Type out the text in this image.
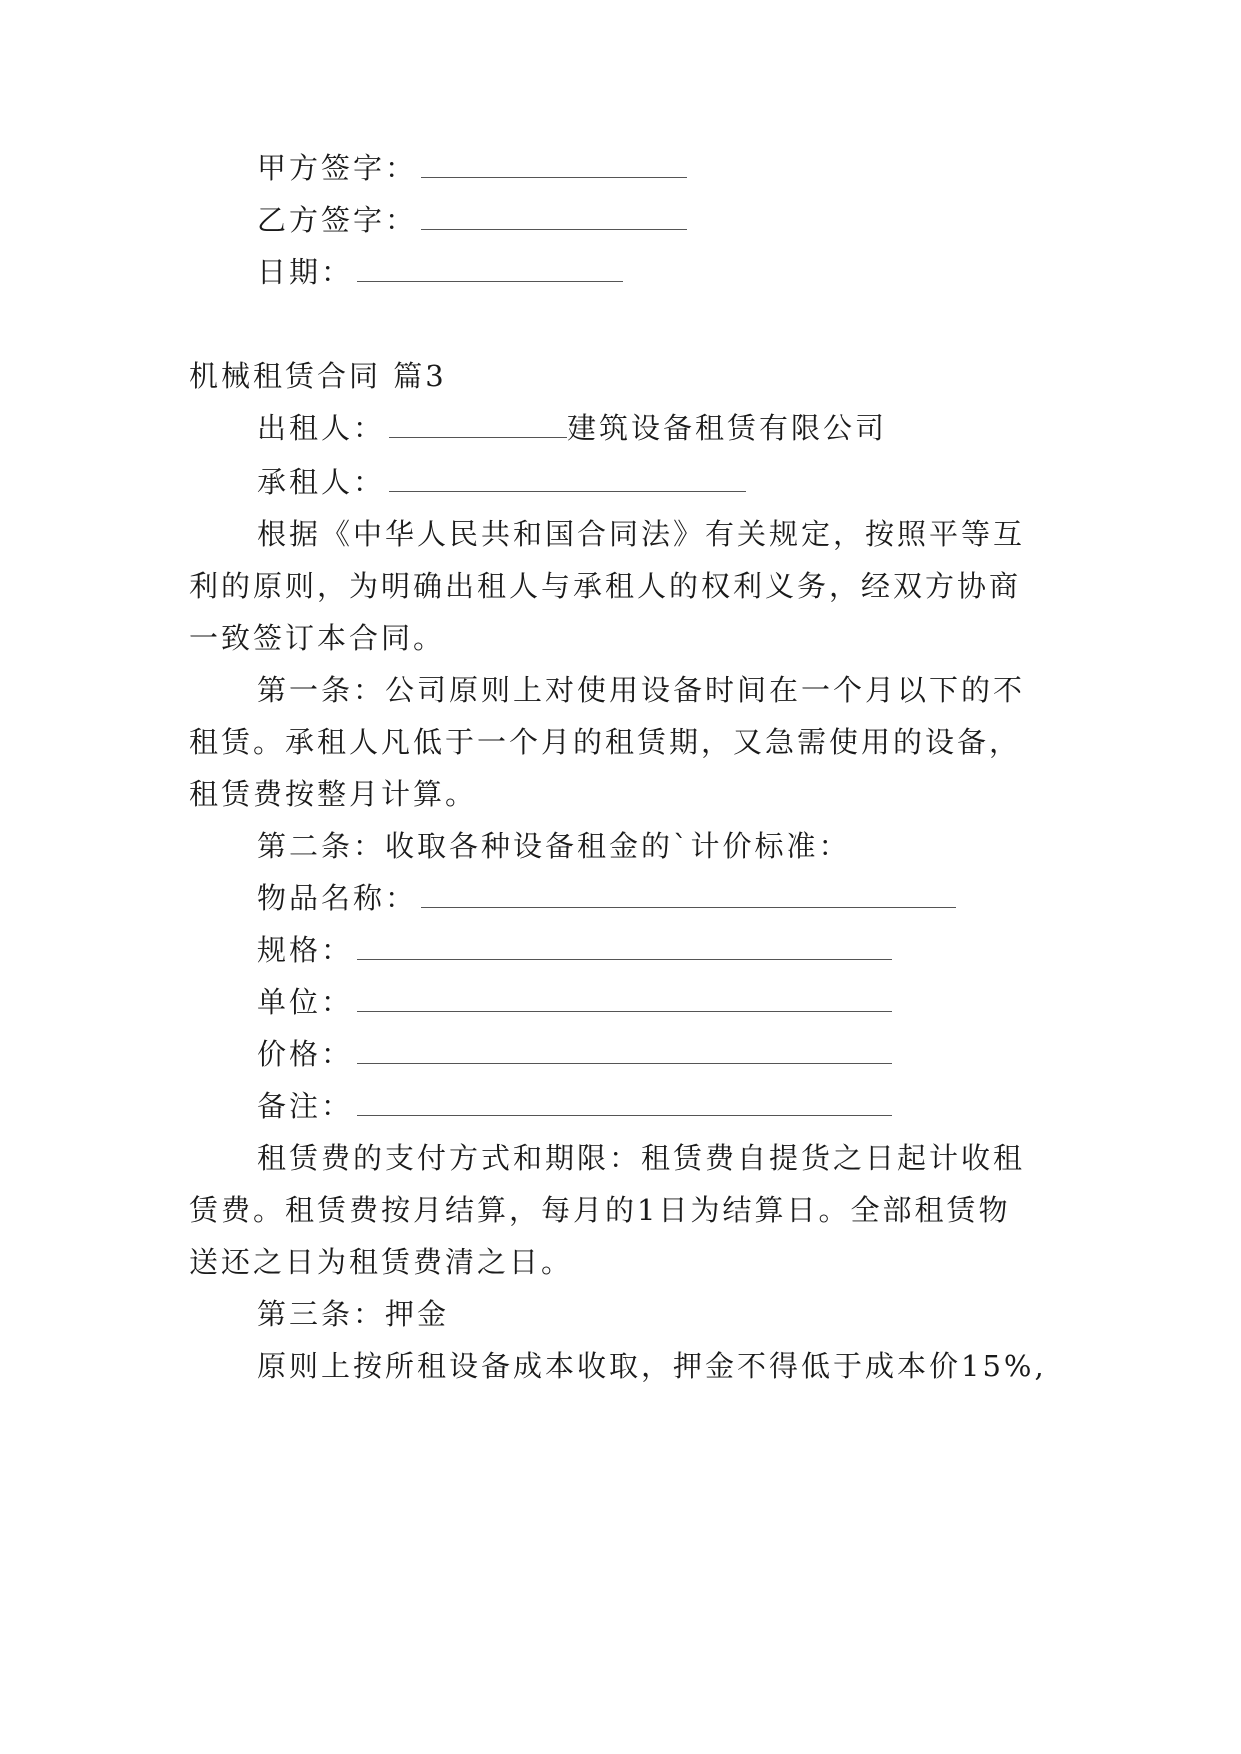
甲方签字：
乙方签字：
日期：
机械租赁合同 篇3
出租人：	建筑设备租赁有限公司
承租人：
根据《中华人民共和国合同法》有关规定，按照平等互
利的原则，为明确出租人与承租人的权利义务，经双方协商
一致签订本合同。
第一条：公司原则上对使用设备时间在一个月以下的不
租赁。承租人凡低于一个月的租赁期，又急需使用的设备，
租赁费按整月计算。
第二条：收取各种设备租金的`计价标准：
物品名称：
规格：
单位：
价格：
备注：
租赁费的支付方式和期限：租赁费自提货之日起计收租
赁费。租赁费按月结算，每月的1日为结算日。全部租赁物
送还之日为租赁费清之日。
第三条：押金
原则上按所租设备成本收取，押金不得低于成本价15%,
